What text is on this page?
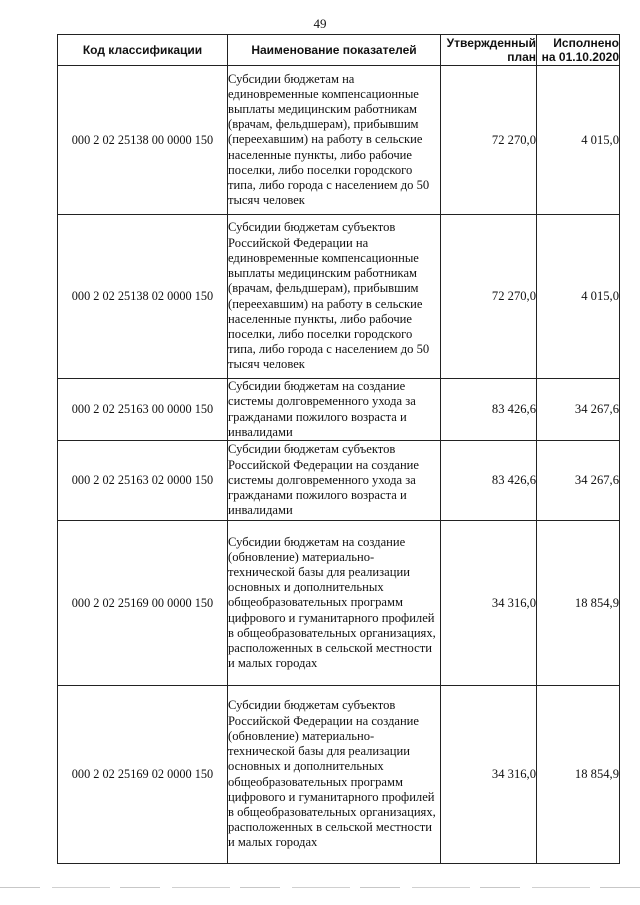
49
Код классификации	Наименование показателей	Утвержденный план	Исполнено на 01.10.2020
000 2 02 25138 00 0000 150	Субсидии бюджетам на единовременные компенсационные выплаты медицинским работникам (врачам, фельдшерам), прибывшим (переехавшим) на работу в сельские населенные пункты, либо рабочие поселки, либо поселки городского типа, либо города с населением до 50 тысяч человек	72 270,0	4 015,0
000 2 02 25138 02 0000 150	Субсидии бюджетам субъектов Российской Федерации на единовременные компенсационные выплаты медицинским работникам (врачам, фельдшерам), прибывшим (переехавшим) на работу в сельские населенные пункты, либо рабочие поселки, либо поселки городского типа, либо города с населением до 50 тысяч человек	72 270,0	4 015,0
000 2 02 25163 00 0000 150	Субсидии бюджетам на создание системы долговременного ухода за гражданами пожилого возраста и инвалидами	83 426,6	34 267,6
000 2 02 25163 02 0000 150	Субсидии бюджетам субъектов Российской Федерации на создание системы долговременного ухода за гражданами пожилого возраста и инвалидами	83 426,6	34 267,6
000 2 02 25169 00 0000 150	Субсидии бюджетам на создание (обновление) материально-технической базы для реализации основных и дополнительных общеобразовательных программ цифрового и гуманитарного профилей в общеобразовательных организациях, расположенных в сельской местности и малых городах	34 316,0	18 854,9
000 2 02 25169 02 0000 150	Субсидии бюджетам субъектов Российской Федерации на создание (обновление) материально-технической базы для реализации основных и дополнительных общеобразовательных программ цифрового и гуманитарного профилей в общеобразовательных организациях, расположенных в сельской местности и малых городах	34 316,0	18 854,9
